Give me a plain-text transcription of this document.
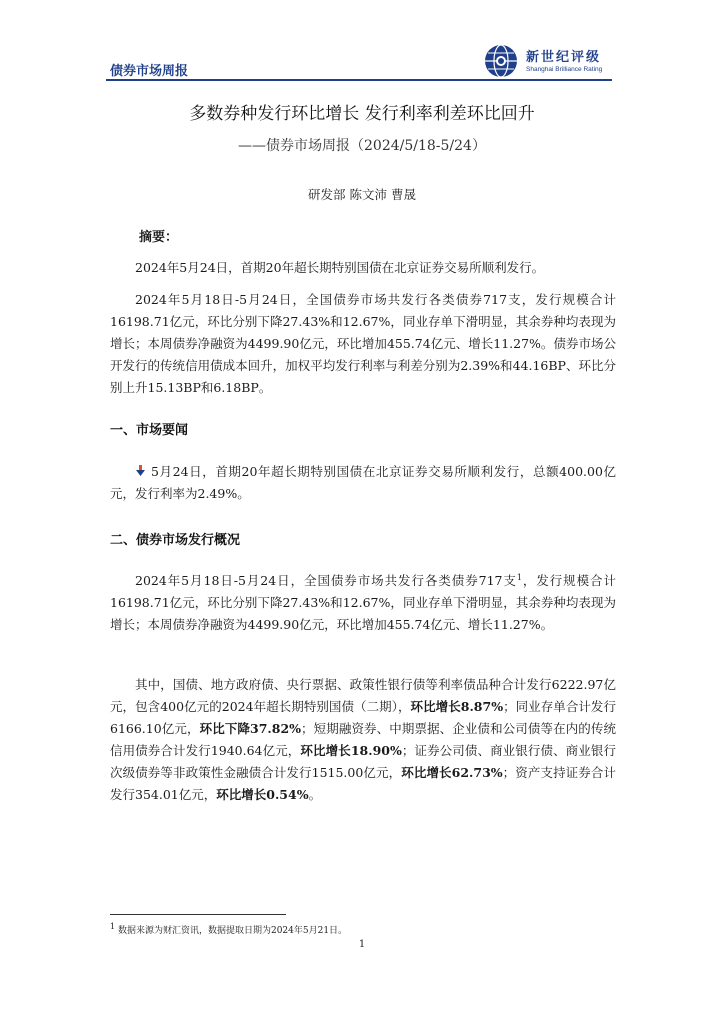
债券市场周报
新世纪评级
Shanghai Brilliance Rating
多数券种发行环比增长 发行利率利差环比回升
——债券市场周报（2024/5/18-5/24）
研发部 陈文沛 曹晟
摘要：

2024年5月24日，首期20年超长期特别国债在北京证券交易所顺利发行。

2024年5月18日-5月24日，全国债券市场共发行各类债券717支，发行规模合计16198.71亿元，环比分别下降27.43%和12.67%，同业存单下滑明显，其余券种均表现为增长；本周债券净融资为4499.90亿元，环比增加455.74亿元、增长11.27%。债券市场公开发行的传统信用债成本回升，加权平均发行利率与利差分别为2.39%和44.16BP、环比分别上升15.13BP和6.18BP。

一、市场要闻

5月24日，首期20年超长期特别国债在北京证券交易所顺利发行，总额400.00亿元，发行利率为2.49%。

二、债券市场发行概况

2024年5月18日-5月24日，全国债券市场共发行各类债券717支$^1$，发行规模合计16198.71亿元，环比分别下降27.43%和12.67%，同业存单下滑明显，其余券种均表现为增长；本周债券净融资为4499.90亿元，环比增加455.74亿元、增长11.27%。

其中，国债、地方政府债、央行票据、政策性银行债等利率债品种合计发行6222.97亿元，包含400亿元的2024年超长期特别国债（二期），环比增长8.87%；同业存单合计发行6166.10亿元，环比下降37.82%；短期融资券、中期票据、企业债和公司债等在内的传统信用债券合计发行1940.64亿元，环比增长18.90%；证券公司债、商业银行债、商业银行次级债券等非政策性金融债合计发行1515.00亿元，环比增长62.73%；资产支持证券合计发行354.01亿元，环比增长0.54%。

$^1$ 数据来源为财汇资讯，数据提取日期为2024年5月21日。
1
